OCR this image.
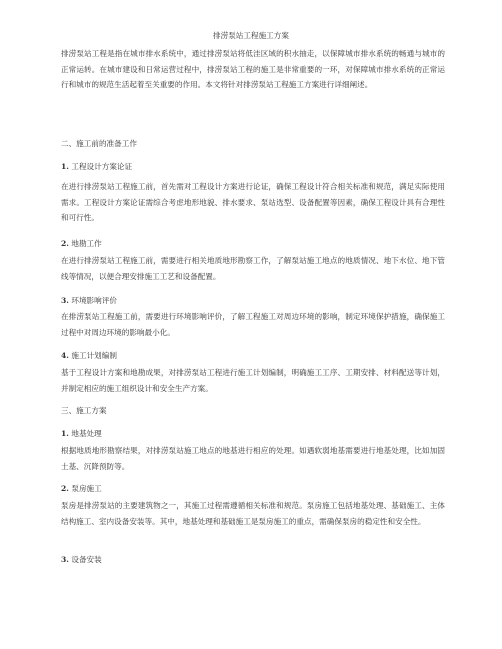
排涝泵站工程施工方案
排涝泵站工程是指在城市排水系统中，通过排涝泵站将低洼区域的积水抽走，以保障城市排水系统的畅通与城市的正常运转。在城市建设和日常运营过程中，排涝泵站工程的施工是非常重要的一环，对保障城市排水系统的正常运行和城市的规范生活起着至关重要的作用。本文将针对排涝泵站工程施工方案进行详细阐述。
二、施工前的准备工作
1. 工程设计方案论证
在进行排涝泵站工程施工前，首先需对工程设计方案进行论证，确保工程设计符合相关标准和规范，满足实际使用需求。工程设计方案论证需综合考虑地形地貌、排水要求、泵站选型、设备配置等因素，确保工程设计具有合理性和可行性。
2. 地勘工作
在进行排涝泵站工程施工前，需要进行相关地质地形勘察工作，了解泵站施工地点的地质情况、地下水位、地下管线等情况，以便合理安排施工工艺和设备配置。
3. 环境影响评价
在排涝泵站工程施工前，需要进行环境影响评价，了解工程施工对周边环境的影响，制定环境保护措施，确保施工过程中对周边环境的影响最小化。
4. 施工计划编制
基于工程设计方案和地勘成果，对排涝泵站工程进行施工计划编制，明确施工工序、工期安排、材料配送等计划，并制定相应的施工组织设计和安全生产方案。
三、施工方案
1. 地基处理
根据地质地形勘察结果，对排涝泵站施工地点的地基进行相应的处理。如遇软弱地基需要进行地基处理，比如加固土基、沉降预防等。
2. 泵房施工
泵房是排涝泵站的主要建筑物之一，其施工过程需遵循相关标准和规范。泵房施工包括地基处理、基础施工、主体结构施工、室内设备安装等。其中，地基处理和基础施工是泵房施工的重点，需确保泵房的稳定性和安全性。
3. 设备安装
